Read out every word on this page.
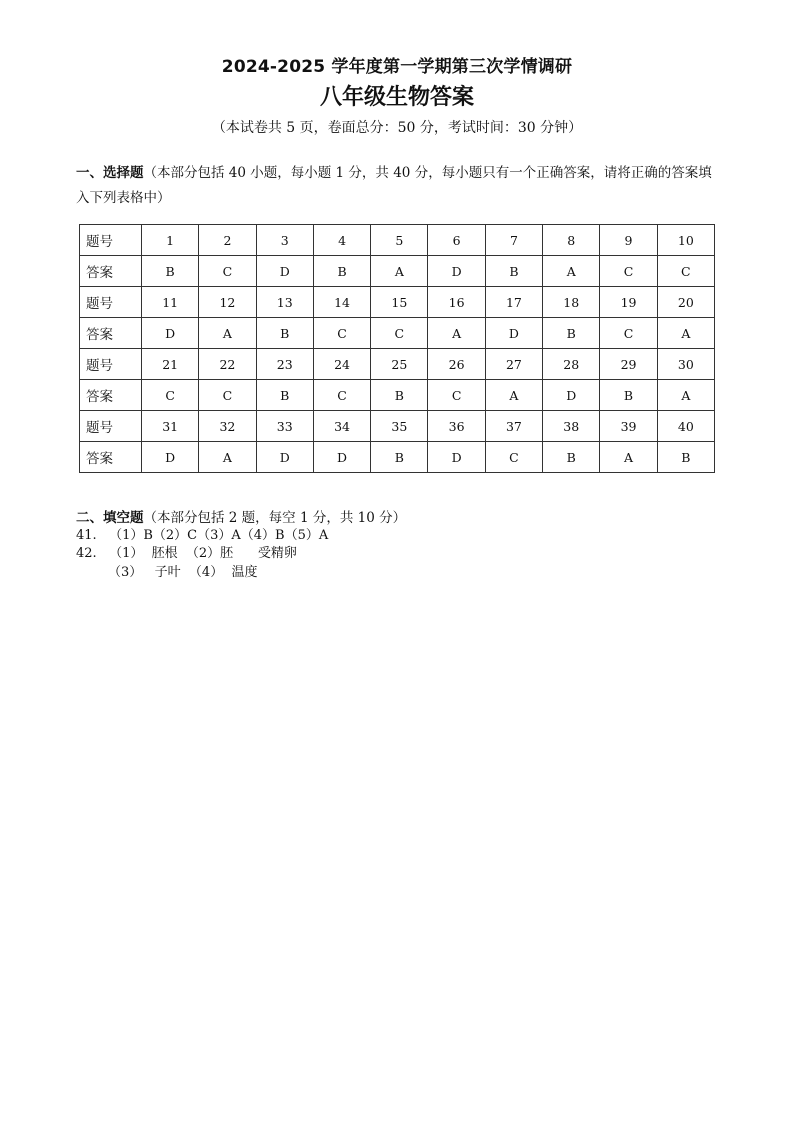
2024-2025 学年度第一学期第三次学情调研
八年级生物答案
（本试卷共 5 页，卷面总分：50 分，考试时间：30 分钟）
一、选择题（本部分包括 40 小题，每小题 1 分，共 40 分，每小题只有一个正确答案，请将正确的答案填入下列表格中）
题号	1	2	3	4	5	6	7	8	9	10
答案	B	C	D	B	A	D	B	A	C	C
题号	11	12	13	14	15	16	17	18	19	20
答案	D	A	B	C	C	A	D	B	C	A
题号	21	22	23	24	25	26	27	28	29	30
答案	C	C	B	C	B	C	A	D	B	A
题号	31	32	33	34	35	36	37	38	39	40
答案	D	A	D	D	B	D	C	B	A	B
二、填空题（本部分包括 2 题，每空 1 分，共 10 分）
41.   （1）B（2）C（3）A（4）B（5）A
42.   （1）  胚根  （2）胚      受精卵
（3）   子叶  （4）  温度
